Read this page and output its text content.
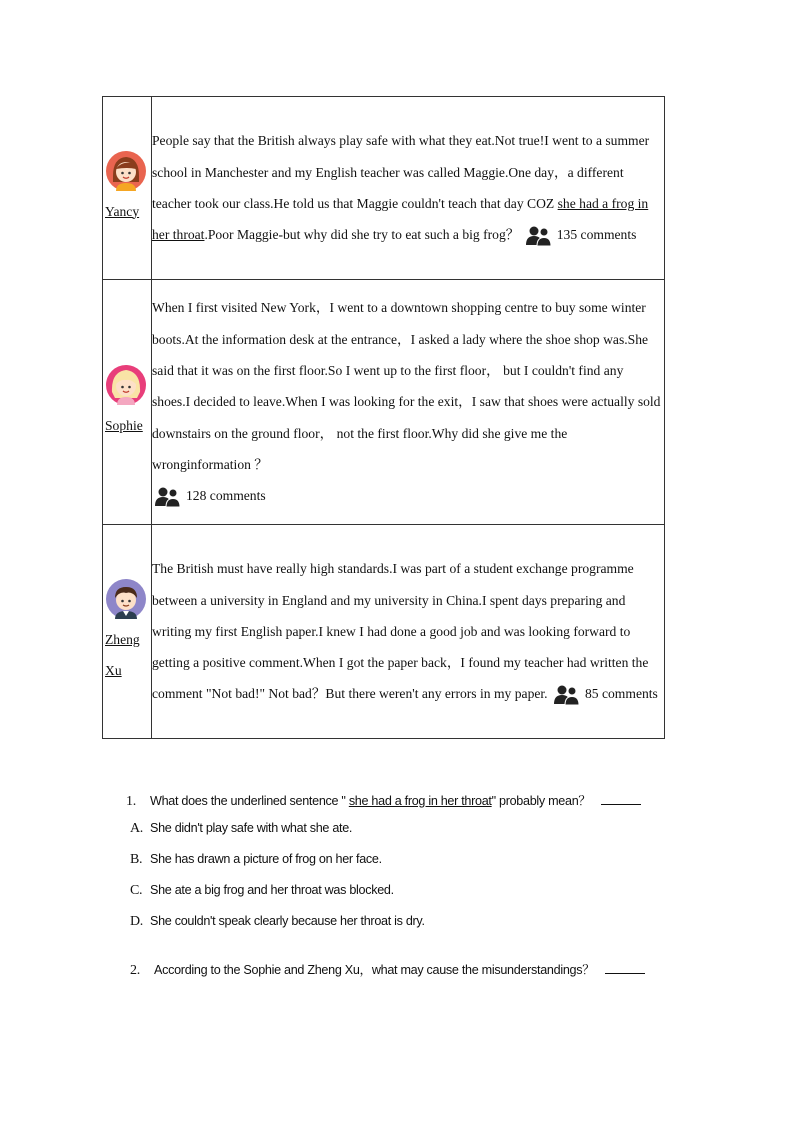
Yancy	People say that the British always play safe with what they eat.Not true!I went to a summer school in Manchester and my English teacher was called Maggie.One day，a different teacher took our class.He told us that Maggie couldn't teach that day COZ she had a frog in her throat.Poor Maggie-but why did she try to eat such a big frog？ 135 comments

Sophie	When I first visited New York，I went to a downtown shopping centre to buy some winter boots.At the information desk at the entrance，I asked a lady where the shoe shop was.She said that it was on the first floor.So I went up to the first floor， but I couldn't find any shoes.I decided to leave.When I was looking for the exit，I saw that shoes were actually sold downstairs on the ground floor， not the first floor.Why did she give me the wronginformation ？
128 comments

Zheng Xu	The British must have really high standards.I was part of a student exchange programme between a university in England and my university in China.I spent days preparing and writing my first English paper.I knew I had done a good job and was looking forward to getting a positive comment.When I got the paper back，I found my teacher had written the comment "Not bad!" Not bad？But there weren't any errors in my paper. 85 comments
1.	What does the underlined sentence " she had a frog in her throat" probably mean？
A. She didn't play safe with what she ate.
B. She has drawn a picture of frog on her face.
C. She ate a big frog and her throat was blocked.
D. She couldn't speak clearly because her throat is dry.
2.	According to the Sophie and Zheng Xu，what may cause the misunderstandings？
